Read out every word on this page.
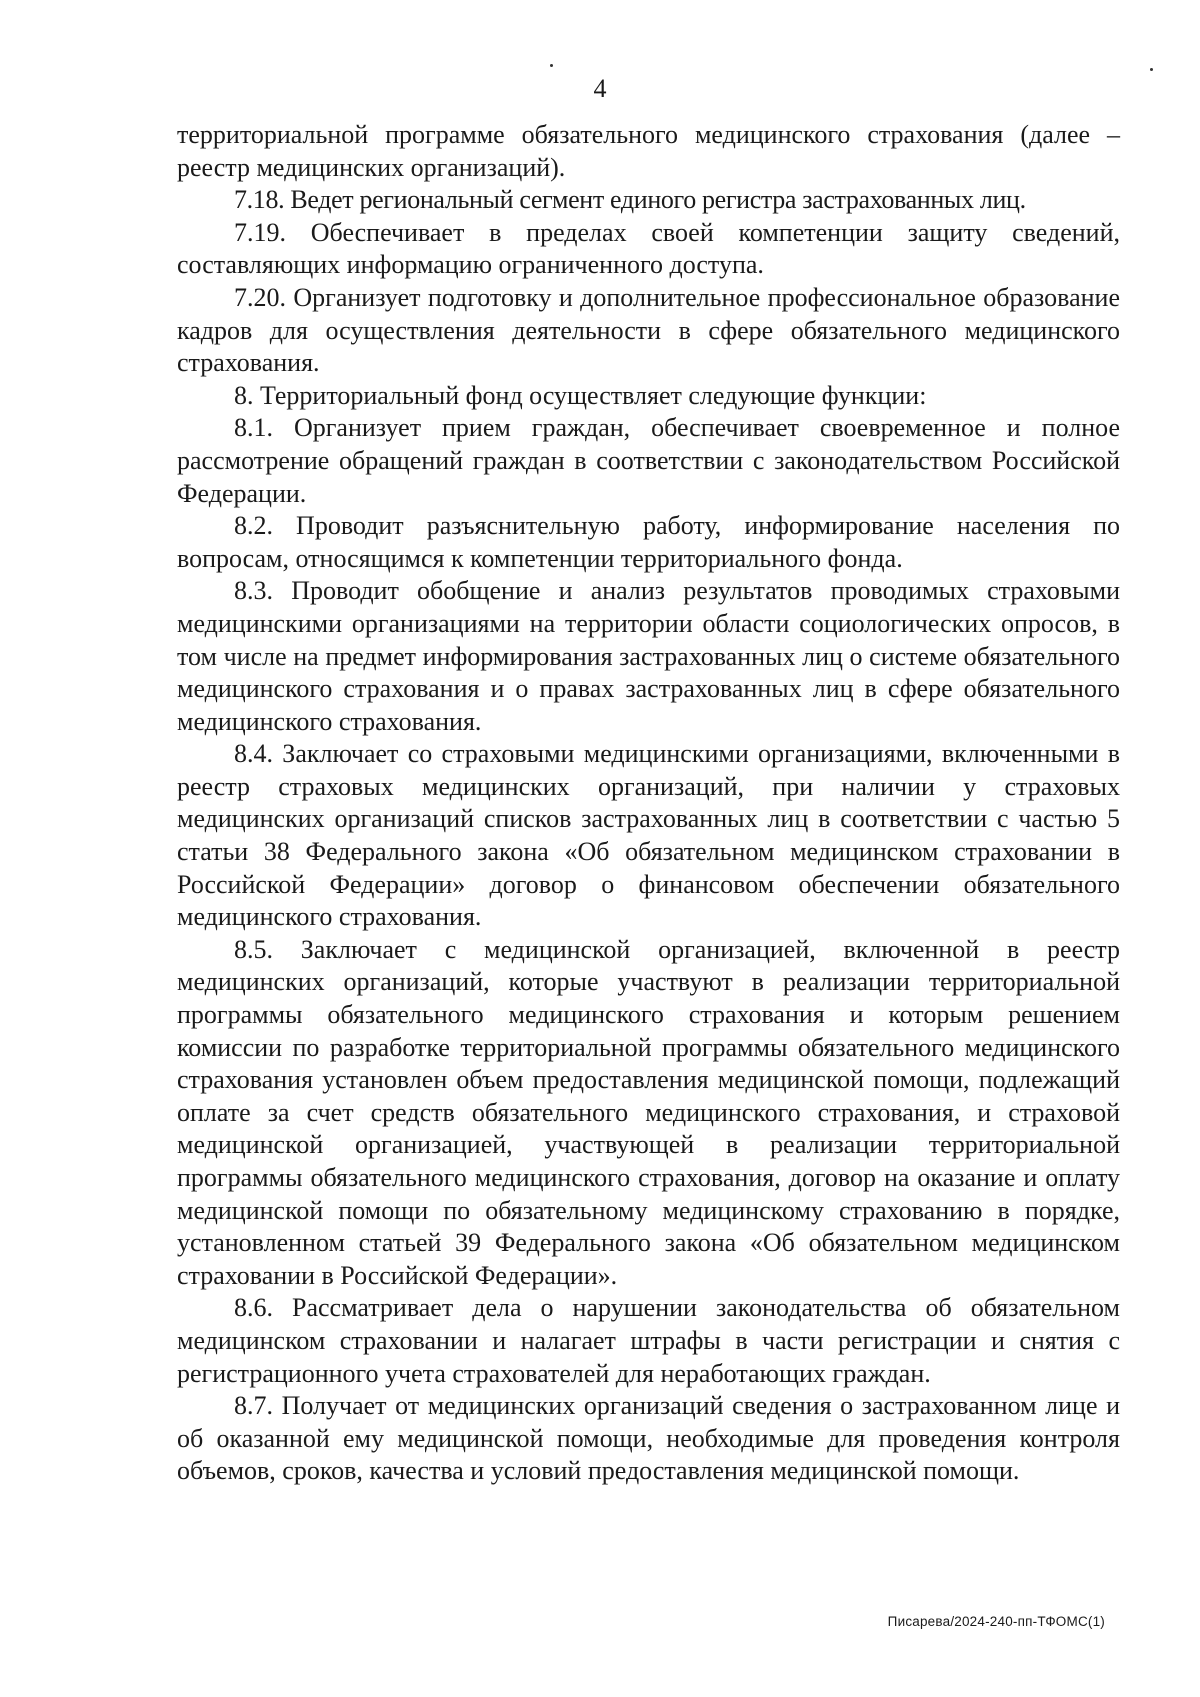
4

территориальной программе обязательного медицинского страхования (далее – реестр медицинских организаций).

7.18. Ведет региональный сегмент единого регистра застрахованных лиц.

7.19. Обеспечивает в пределах своей компетенции защиту сведений, составляющих информацию ограниченного доступа.

7.20. Организует подготовку и дополнительное профессиональное образование кадров для осуществления деятельности в сфере обязательного медицинского страхования.

8. Территориальный фонд осуществляет следующие функции:

8.1. Организует прием граждан, обеспечивает своевременное и полное рассмотрение обращений граждан в соответствии с законодательством Российской Федерации.

8.2. Проводит разъяснительную работу, информирование населения по вопросам, относящимся к компетенции территориального фонда.

8.3. Проводит обобщение и анализ результатов проводимых страховыми медицинскими организациями на территории области социологических опросов, в том числе на предмет информирования застрахованных лиц о системе обязательного медицинского страхования и о правах застрахованных лиц в сфере обязательного медицинского страхования.

8.4. Заключает со страховыми медицинскими организациями, включенными в реестр страховых медицинских организаций, при наличии у страховых медицинских организаций списков застрахованных лиц в соответствии с частью 5 статьи 38 Федерального закона «Об обязательном медицинском страховании в Российской Федерации» договор о финансовом обеспечении обязательного медицинского страхования.

8.5. Заключает с медицинской организацией, включенной в реестр медицинских организаций, которые участвуют в реализации территориальной программы обязательного медицинского страхования и которым решением комиссии по разработке территориальной программы обязательного медицинского страхования установлен объем предоставления медицинской помощи, подлежащий оплате за счет средств обязательного медицинского страхования, и страховой медицинской организацией, участвующей в реализации территориальной программы обязательного медицинского страхования, договор на оказание и оплату медицинской помощи по обязательному медицинскому страхованию в порядке, установленном статьей 39 Федерального закона «Об обязательном медицинском страховании в Российской Федерации».

8.6. Рассматривает дела о нарушении законодательства об обязательном медицинском страховании и налагает штрафы в части регистрации и снятия с регистрационного учета страхователей для неработающих граждан.

8.7. Получает от медицинских организаций сведения о застрахованном лице и об оказанной ему медицинской помощи, необходимые для проведения контроля объемов, сроков, качества и условий предоставления медицинской помощи.

Писарева/2024-240-пп-ТФОМС(1)
